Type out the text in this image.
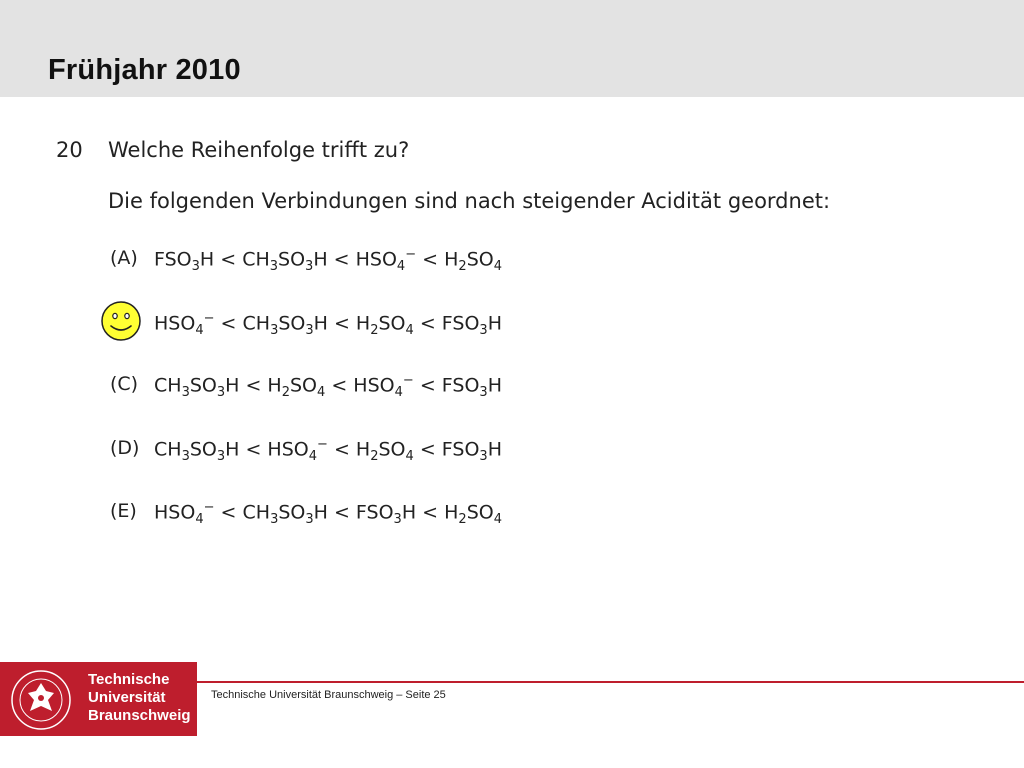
Frühjahr 2010
20 Welche Reihenfolge trifft zu?
Die folgenden Verbindungen sind nach steigender Acidität geordnet:
(A) $FSO_3H < CH_3SO_3H < HSO_4^- < H_2SO_4$
$HSO_4^- < CH_3SO_3H < H_2SO_4 < FSO_3H$
(C) $CH_3SO_3H < H_2SO_4 < HSO_4^- < FSO_3H$
(D) $CH_3SO_3H < HSO_4^- < H_2SO_4 < FSO_3H$
(E) $HSO_4^- < CH_3SO_3H < FSO_3H < H_2SO_4$
Technische
Universität
Braunschweig
Technische Universität Braunschweig – Seite 25
